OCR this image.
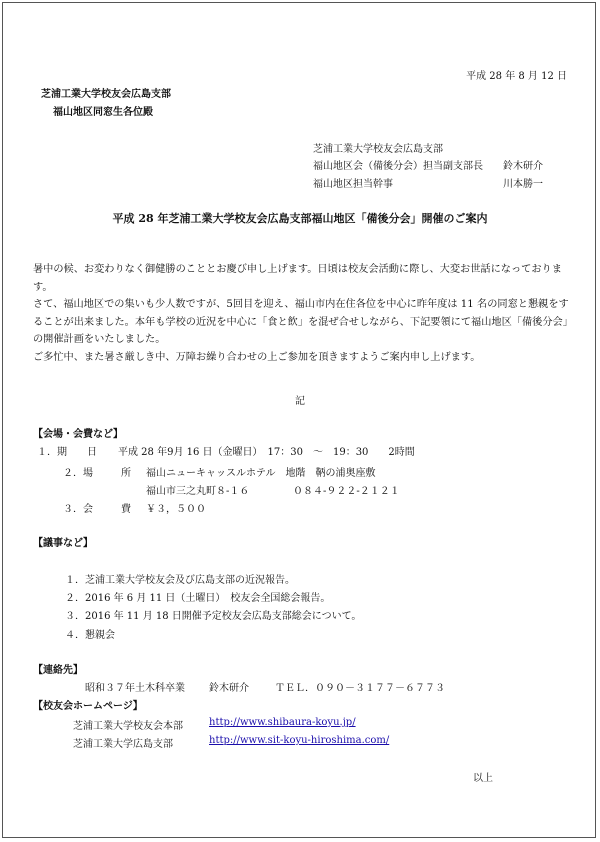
平成 28 年 8 月 12 日
芝浦工業大学校友会広島支部
福山地区同窓生各位殿
芝浦工業大学校友会広島支部
福山地区会（備後分会）担当副支部長 鈴木研介
福山地区担当幹事	川本勝一
平成 28 年芝浦工業大学校友会広島支部福山地区「備後分会」開催のご案内

暑中の候、お変わりなく御健勝のこととお慶び申し上げます。日頃は校友会活動に際し、大変お世話になっております。

さて、福山地区での集いも少人数ですが、5回目を迎え、福山市内在住各位を中心に昨年度は 11 名の同窓と懇親をすることが出来ました。本年も学校の近況を中心に「食と飲」を混ぜ合せしながら、下記要領にて福山地区「備後分会」の開催計画をいたしました。

ご多忙中、また暑さ厳しき中、万障お繰り合わせの上ご参加を頂きますようご案内申し上げます。

記
【会場・会費など】
１．期 日 平成 28 年9月 16 日（金曜日）　17：30　～　19：30　　2時間
２．場	所 福山ニューキャッスルホテル　地階　鞆の浦奥座敷
福山市三之丸町８-１６	０８４-９２２-２１２１
３．会	費 ￥３，５００
【議事など】
１．芝浦工業大学校友会及び広島支部の近況報告。
２．2016 年 6 月 11 日（土曜日）　校友会全国総会報告。
３．2016 年 11 月 18 日開催予定校友会広島支部総会について。
４．懇親会
【連絡先】
昭和３７年土木科卒業 鈴木研介	ＴＥＬ．０９０－３１７７－６７７３
【校友会ホームページ】
芝浦工業大学校友会本部	http://www.shibaura-koyu.jp/
芝浦工業大学広島支部	http://www.sit-koyu-hiroshima.com/
以上
